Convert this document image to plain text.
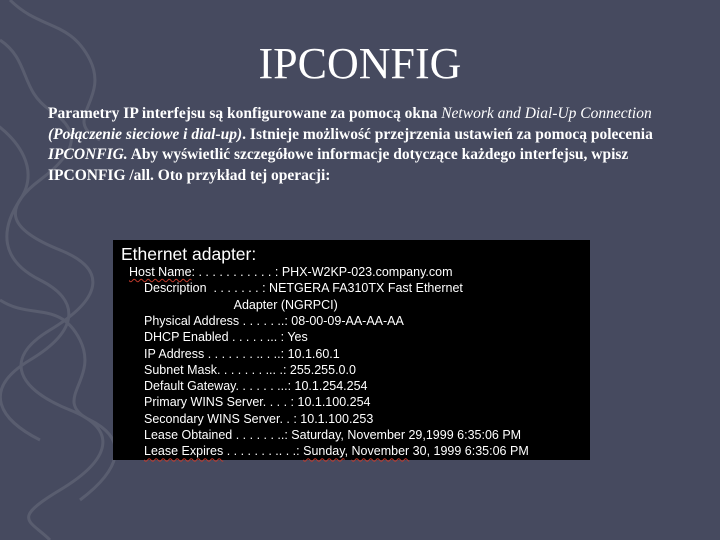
IPCONFIG
Parametry IP interfejsu są konfigurowane za pomocą okna Network and Dial-Up Connection (Połączenie sieciowe i dial-up). Istnieje możliwość przejrzenia ustawień za pomocą polecenia IPCONFIG. Aby wyświetlić szczegółowe informacje dotyczące każdego interfejsu, wpisz IPCONFIG /all. Oto przykład tej operacji:
Ethernet adapter:
Host Name: . . . . . . . . . . . : PHX-W2KP-023.company.com
Description  . . . . . . . : NETGERA FA310TX Fast Ethernet
Adapter (NGRPCI)
Physical Address . . . . . ..: 08-00-09-AA-AA-AA
DHCP Enabled . . . . . ... : Yes
IP Address . . . . . . . .. . ..: 10.1.60.1
Subnet Mask. . . . . . . ... .: 255.255.0.0
Default Gateway. . . . . . ...: 10.1.254.254
Primary WINS Server. . . . : 10.1.100.254
Secondary WINS Server. . : 10.1.100.253
Lease Obtained . . . . . . ..: Saturday, November 29,1999 6:35:06 PM
Lease Expires . . . . . . . .. . .: Sunday, November 30, 1999 6:35:06 PM
